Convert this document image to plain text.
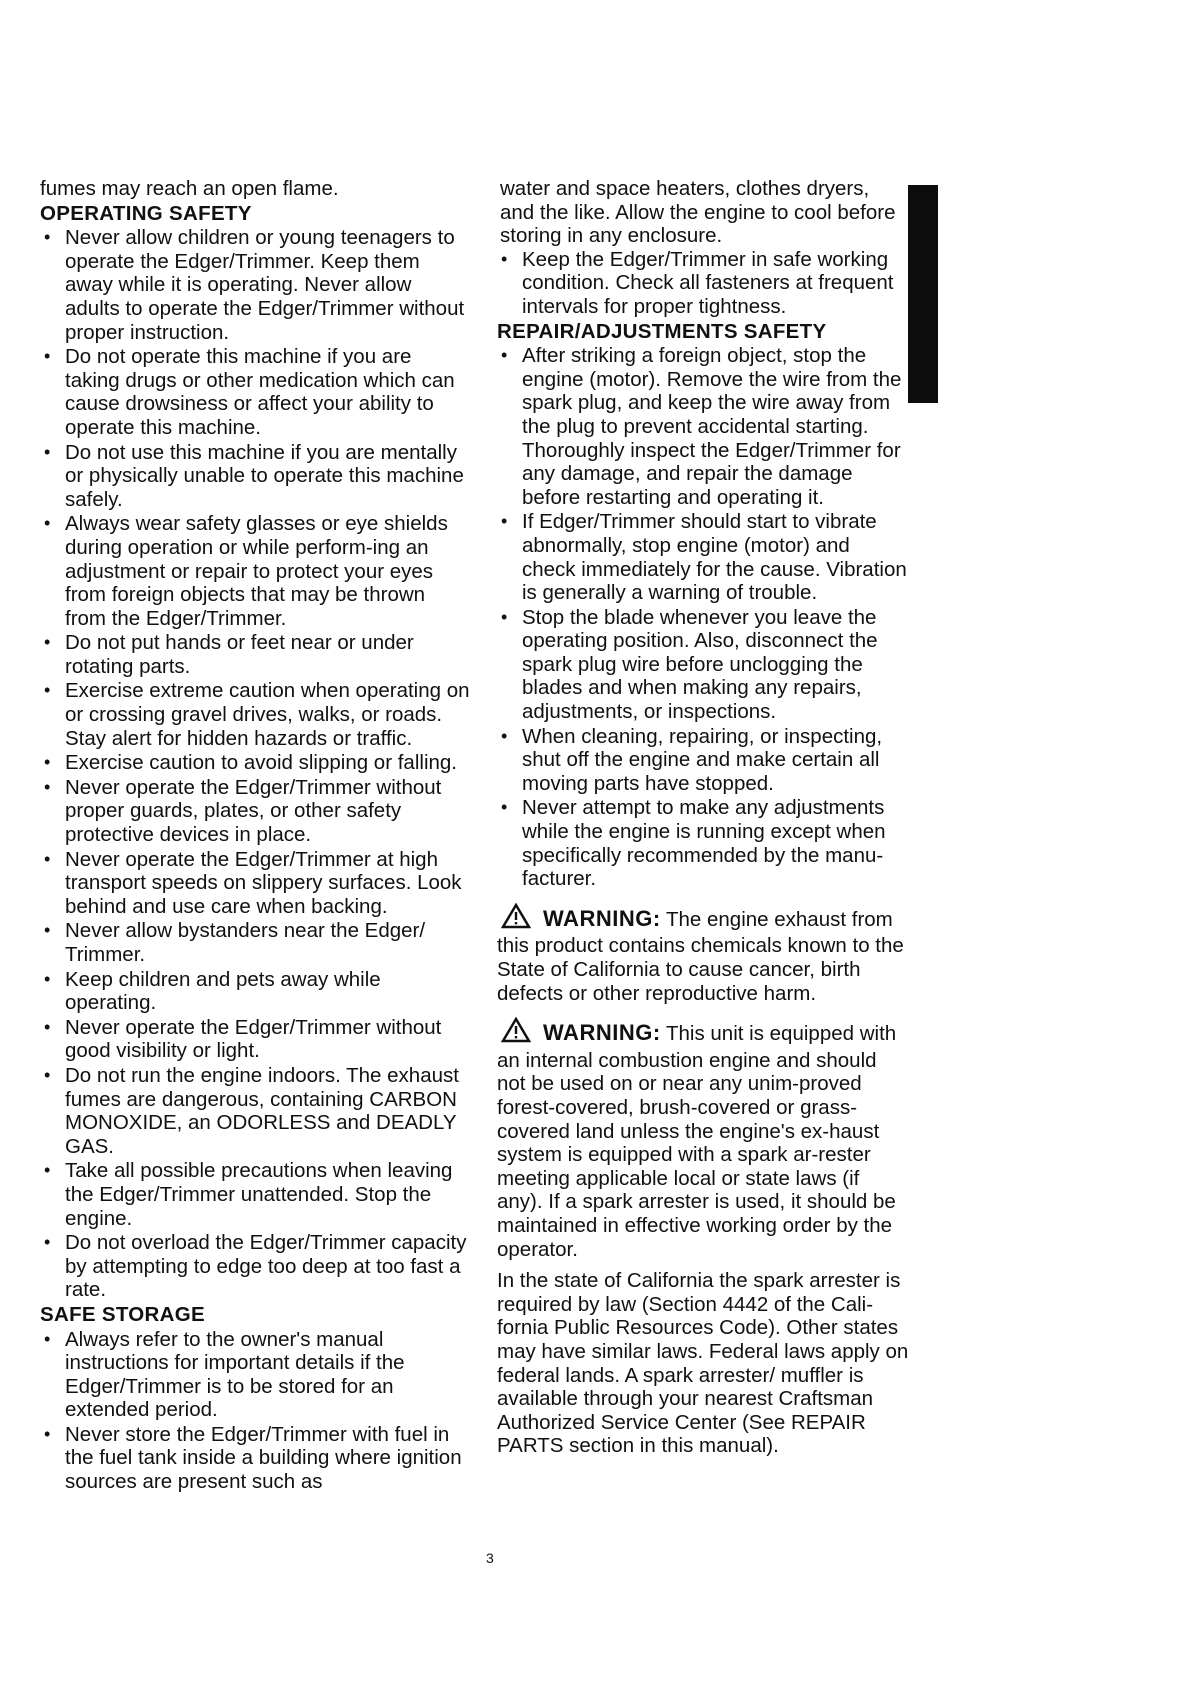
fumes may reach an open flame.

OPERATING SAFETY

• Never allow children or young teenagers to operate the Edger/Trimmer. Keep them away while it is operating. Never allow adults to operate the Edger/Trimmer without proper instruction.
• Do not operate this machine if you are taking drugs or other medication which can cause drowsiness or affect your ability to operate this machine.
• Do not use this machine if you are mentally or physically unable to operate this machine safely.
• Always wear safety glasses or eye shields during operation or while perform-ing an adjustment or repair to protect your eyes from foreign objects that may be thrown from the Edger/Trimmer.
• Do not put hands or feet near or under rotating parts.
• Exercise extreme caution when operating on or crossing gravel drives, walks, or roads. Stay alert for hidden hazards or traffic.
• Exercise caution to avoid slipping or falling.
• Never operate the Edger/Trimmer without proper guards, plates, or other safety protective devices in place.
• Never operate the Edger/Trimmer at high transport speeds on slippery surfaces. Look behind and use care when backing.
• Never allow bystanders near the Edger/ Trimmer.
• Keep children and pets away while operating.
• Never operate the Edger/Trimmer without good visibility or light.
• Do not run the engine indoors. The exhaust fumes are dangerous, containing CARBON MONOXIDE, an ODORLESS and DEADLY GAS.
• Take all possible precautions when leaving the Edger/Trimmer unattended. Stop the engine.
• Do not overload the Edger/Trimmer capacity by attempting to edge too deep at too fast a rate.

SAFE STORAGE

• Always refer to the owner's manual instructions for important details if the Edger/Trimmer is to be stored for an extended period.
• Never store the Edger/Trimmer with fuel in the fuel tank inside a building where ignition sources are present such as

water and space heaters, clothes dryers, and the like. Allow the engine to cool before storing in any enclosure.

• Keep the Edger/Trimmer in safe working condition. Check all fasteners at frequent intervals for proper tightness.

REPAIR/ADJUSTMENTS SAFETY

• After striking a foreign object, stop the engine (motor). Remove the wire from the spark plug, and keep the wire away from the plug to prevent accidental starting. Thoroughly inspect the Edger/Trimmer for any damage, and repair the damage before restarting and operating it.
• If Edger/Trimmer should start to vibrate abnormally, stop engine (motor) and check immediately for the cause. Vibration is generally a warning of trouble.
• Stop the blade whenever you leave the operating position. Also, disconnect the spark plug wire before unclogging the blades and when making any repairs, adjustments, or inspections.
• When cleaning, repairing, or inspecting, shut off the engine and make certain all moving parts have stopped.
• Never attempt to make any adjustments while the engine is running except when specifically recommended by the manu-facturer.

WARNING: The engine exhaust from this product contains chemicals known to the State of California to cause cancer, birth defects or other reproductive harm.

WARNING: This unit is equipped with an internal combustion engine and should not be used on or near any unim-proved forest-covered, brush-covered or grass-covered land unless the engine's ex-haust system is equipped with a spark ar-rester meeting applicable local or state laws (if any). If a spark arrester is used, it should be maintained in effective working order by the operator.

In the state of California the spark arrester is required by law (Section 4442 of the Cali-fornia Public Resources Code). Other states may have similar laws. Federal laws apply on federal lands. A spark arrester/ muffler is available through your nearest Craftsman Authorized Service Center (See REPAIR PARTS section in this manual).

3
